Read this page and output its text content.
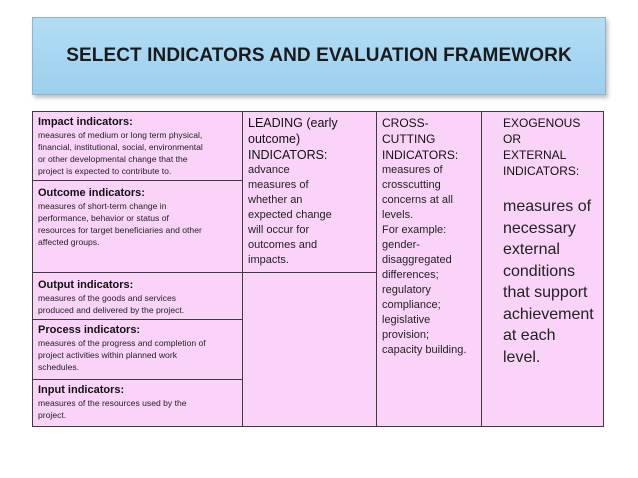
SELECT INDICATORS AND EVALUATION FRAMEWORK
Impact indicators:
measures of medium or long term physical,
financial, institutional, social, environmental
or other developmental change that the
project is expected to contribute to.
Outcome indicators:
measures of short-term change in
performance, behavior or status of
resources for target beneficiaries and other
affected groups.
Output indicators:
measures of the goods and services
produced and delivered by the project.
Process indicators:
measures of the progress and completion of
project activities within planned work
schedules.
Input indicators:
measures of the resources used by the
project.
LEADING (early
outcome)
INDICATORS:
advance
measures of
whether an
expected change
will occur for
outcomes and
impacts.
CROSS-
CUTTING
INDICATORS:
measures of
crosscutting
concerns at all
levels.
For example:
gender-
disaggregated
differences;
regulatory
compliance;
legislative
provision;
capacity building.
EXOGENOUS
OR
EXTERNAL
INDICATORS:
measures of
necessary
external
conditions
that support
achievement
at each
level.
